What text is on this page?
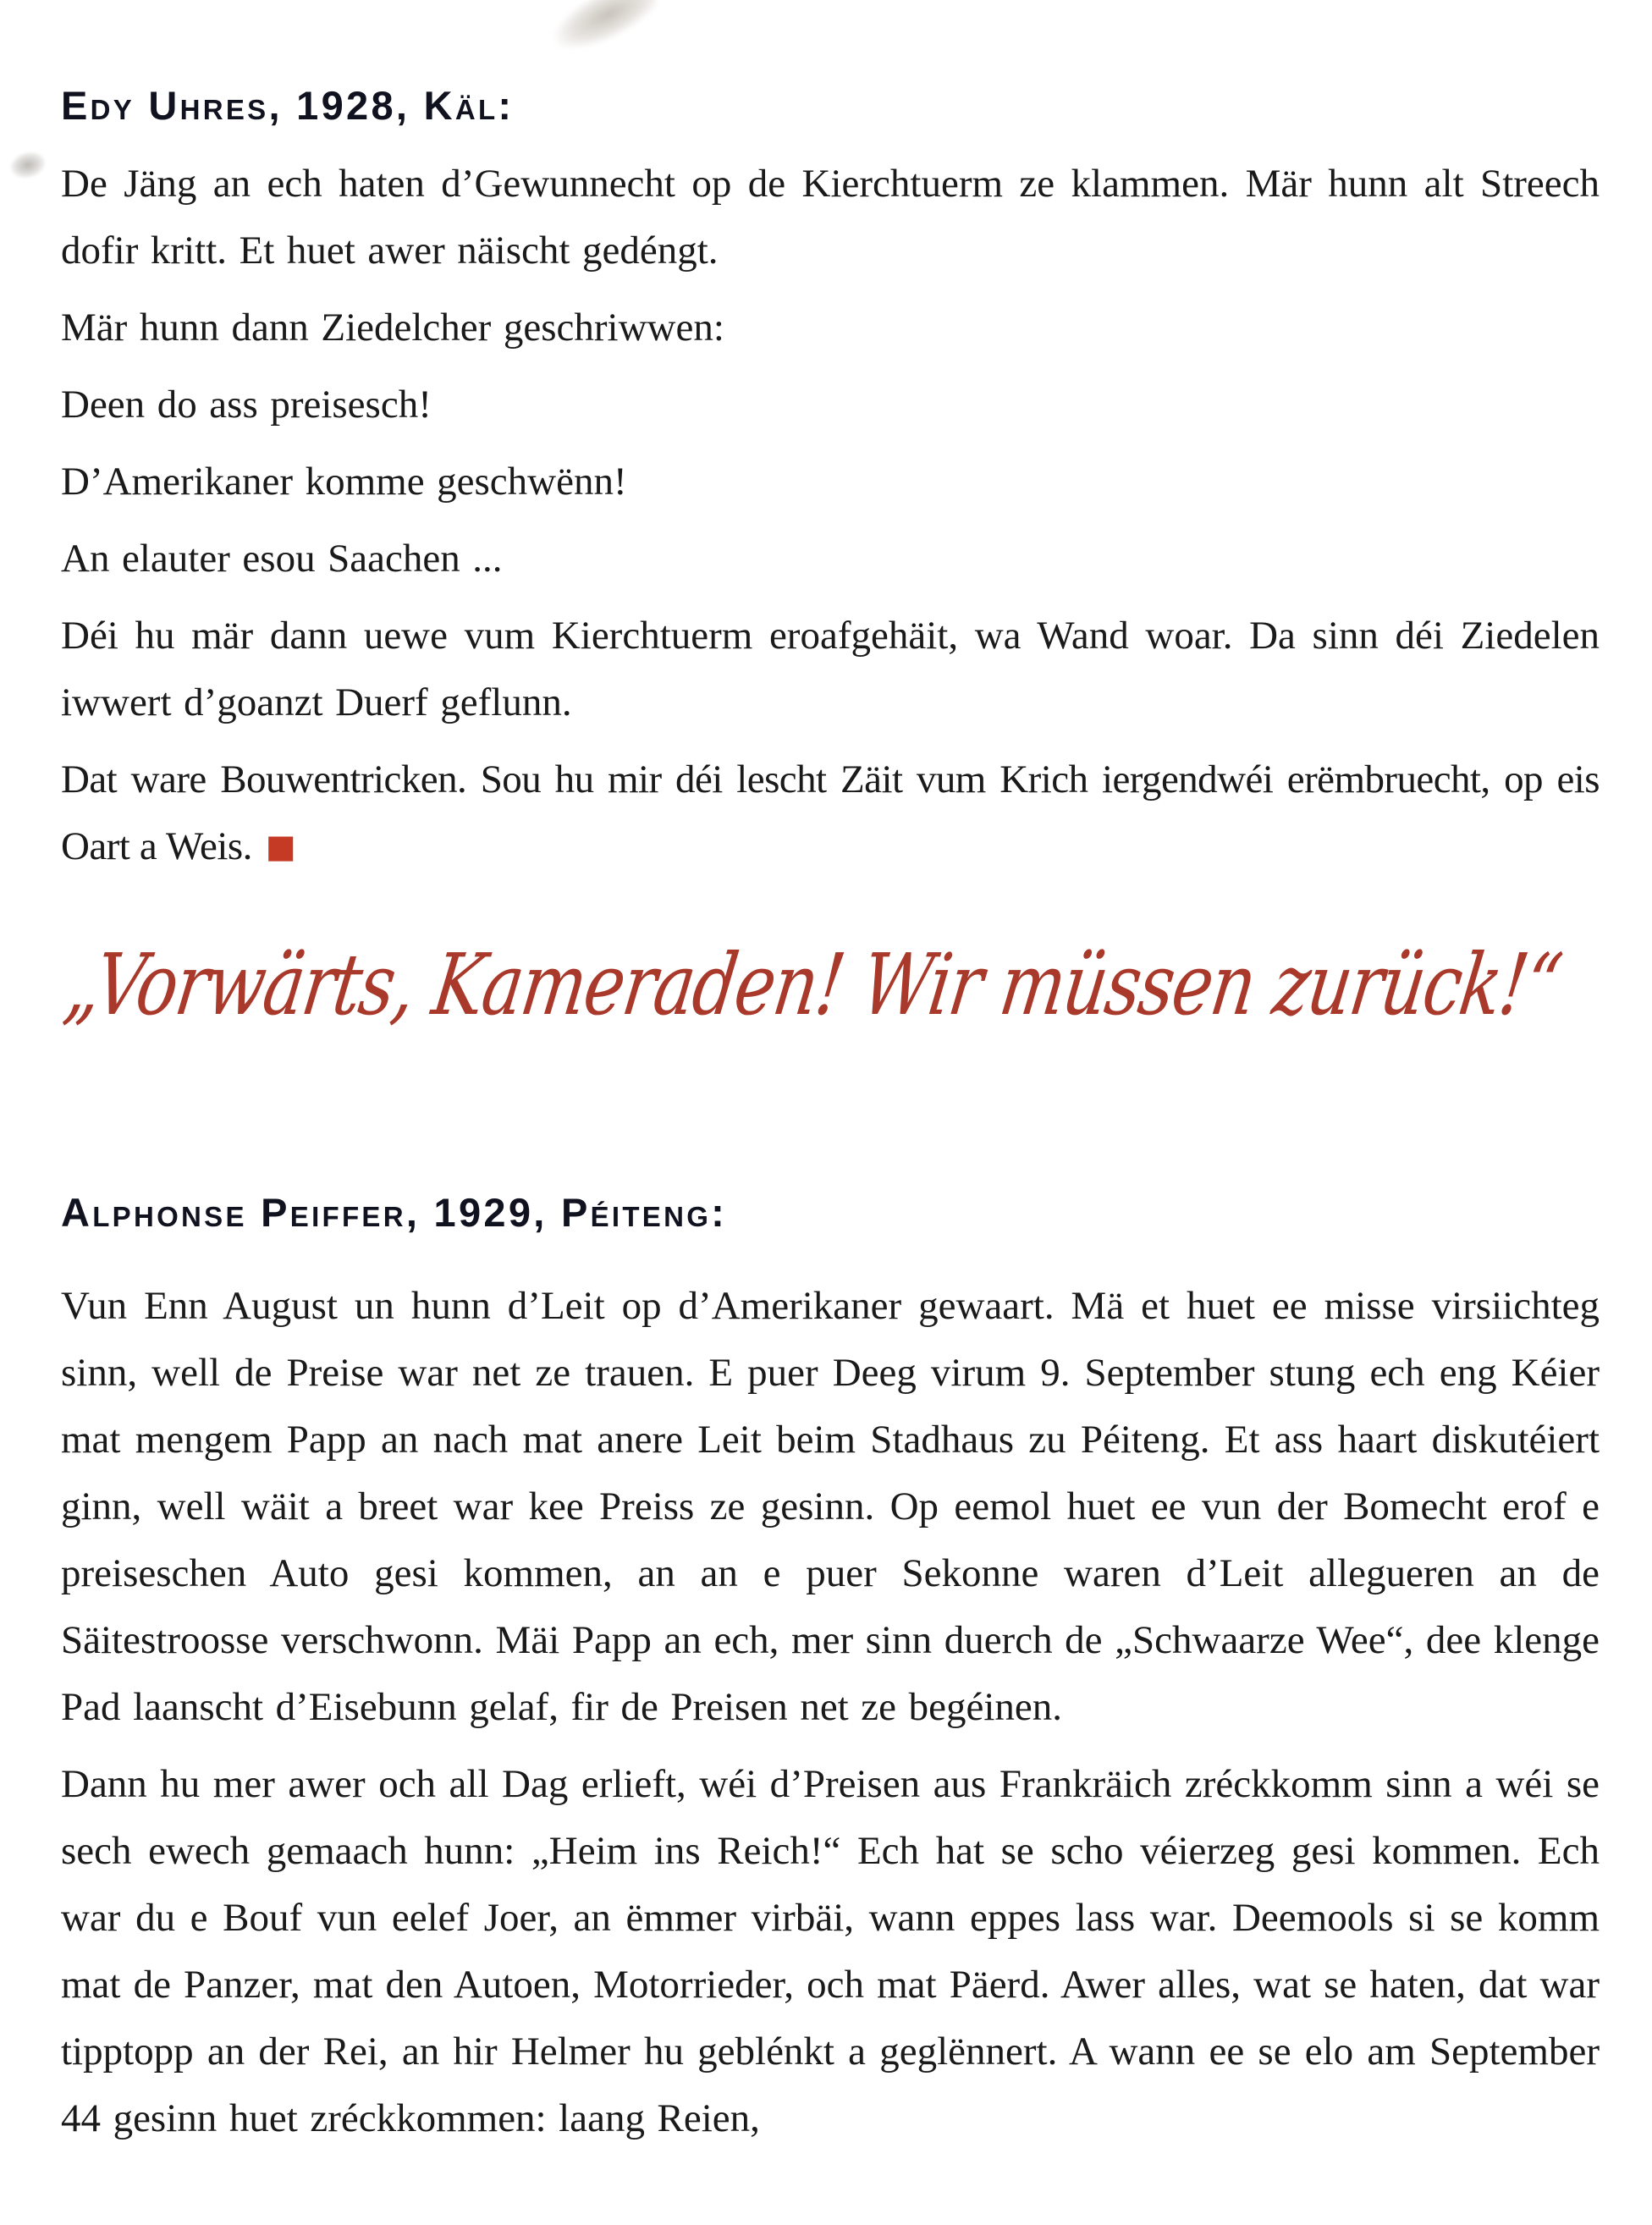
Edy Uhres, 1928, Käl:

De Jäng an ech haten d’Gewunnecht op de Kierchtuerm ze klammen. Mär hunn alt Streech dofir kritt. Et huet awer näischt gedéngt.

Mär hunn dann Ziedelcher geschriwwen:

Deen do ass preisesch!

D’Amerikaner komme geschwënn!

An elauter esou Saachen ...

Déi hu mär dann uewe vum Kierchtuerm eroafgehäit, wa Wand woar. Da sinn déi Ziedelen iwwert d’goanzt Duerf geflunn.

Dat ware Bouwentricken. Sou hu mir déi lescht Zäit vum Krich iergendwéi erëmbruecht, op eis Oart a Weis. ■

„Vorwärts, Kameraden! Wir müssen zurück!“
Alphonse Peiffer, 1929, Péiteng:

Vun Enn August un hunn d’Leit op d’Amerikaner gewaart. Mä et huet ee misse virsiichteg sinn, well de Preise war net ze trauen. E puer Deeg virum 9. September stung ech eng Kéier mat mengem Papp an nach mat anere Leit beim Stadhaus zu Péiteng. Et ass haart diskutéiert ginn, well wäit a breet war kee Preiss ze gesinn. Op eemol huet ee vun der Bomecht erof e preiseschen Auto gesi kommen, an an e puer Sekonne waren d’Leit allegueren an de Säitestroosse verschwonn. Mäi Papp an ech, mer sinn duerch de „Schwaarze Wee“, dee klenge Pad laanscht d’Eisebunn gelaf, fir de Preisen net ze begéinen.

Dann hu mer awer och all Dag erlieft, wéi d’Preisen aus Frankräich zréckkomm sinn a wéi se sech ewech gemaach hunn: „Heim ins Reich!“ Ech hat se scho véierzeg gesi kommen. Ech war du e Bouf vun eelef Joer, an ëmmer virbäi, wann eppes lass war. Deemools si se komm mat de Panzer, mat den Autoen, Motorrieder, och mat Päerd. Awer alles, wat se haten, dat war tipptopp an der Rei, an hir Helmer hu geblénkt a geglënnert. A wann ee se elo am September 44 gesinn huet zréckkommen: laang Reien,
